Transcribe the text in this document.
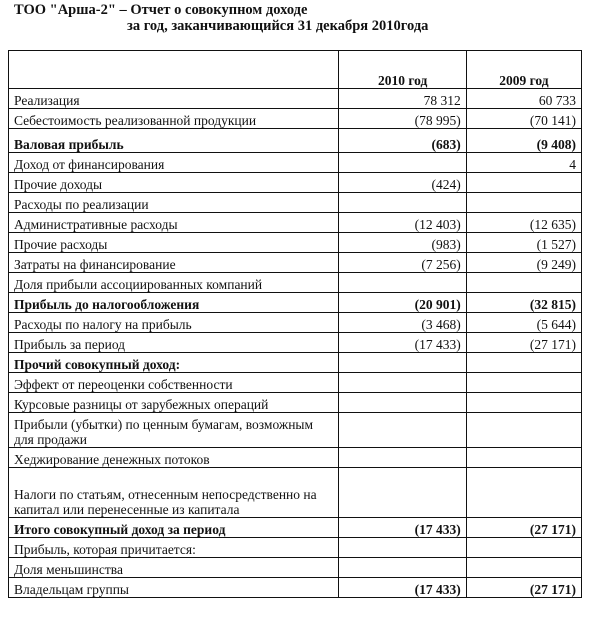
ТОО "Арша-2" – Отчет о совокупном доходе
за год, заканчивающийся 31 декабря 2010года
	2010 год	2009 год
Реализация	78 312	60 733
Себестоимость реализованной продукции	(78 995)	(70 141)
Валовая прибыль	(683)	(9 408)
Доход от финансирования		4
Прочие доходы	(424)	
Расходы по реализации		
Административные расходы	(12 403)	(12 635)
Прочие расходы	(983)	(1 527)
Затраты на финансирование	(7 256)	(9 249)
Доля прибыли ассоциированных компаний		
Прибыль до налогообложения	(20 901)	(32 815)
Расходы по налогу на прибыль	(3 468)	(5 644)
Прибыль за период	(17 433)	(27 171)
Прочий совокупный доход:		
Эффект от переоценки собственности		
Курсовые разницы от зарубежных операций		
Прибыли (убытки) по ценным бумагам, возможным для продажи		
Хеджирование денежных потоков		
Налоги по статьям, отнесенным непосредственно на капитал или перенесенные из капитала		
Итого совокупный доход за период	(17 433)	(27 171)
Прибыль, которая причитается:		
Доля меньшинства		
Владельцам группы	(17 433)	(27 171)
